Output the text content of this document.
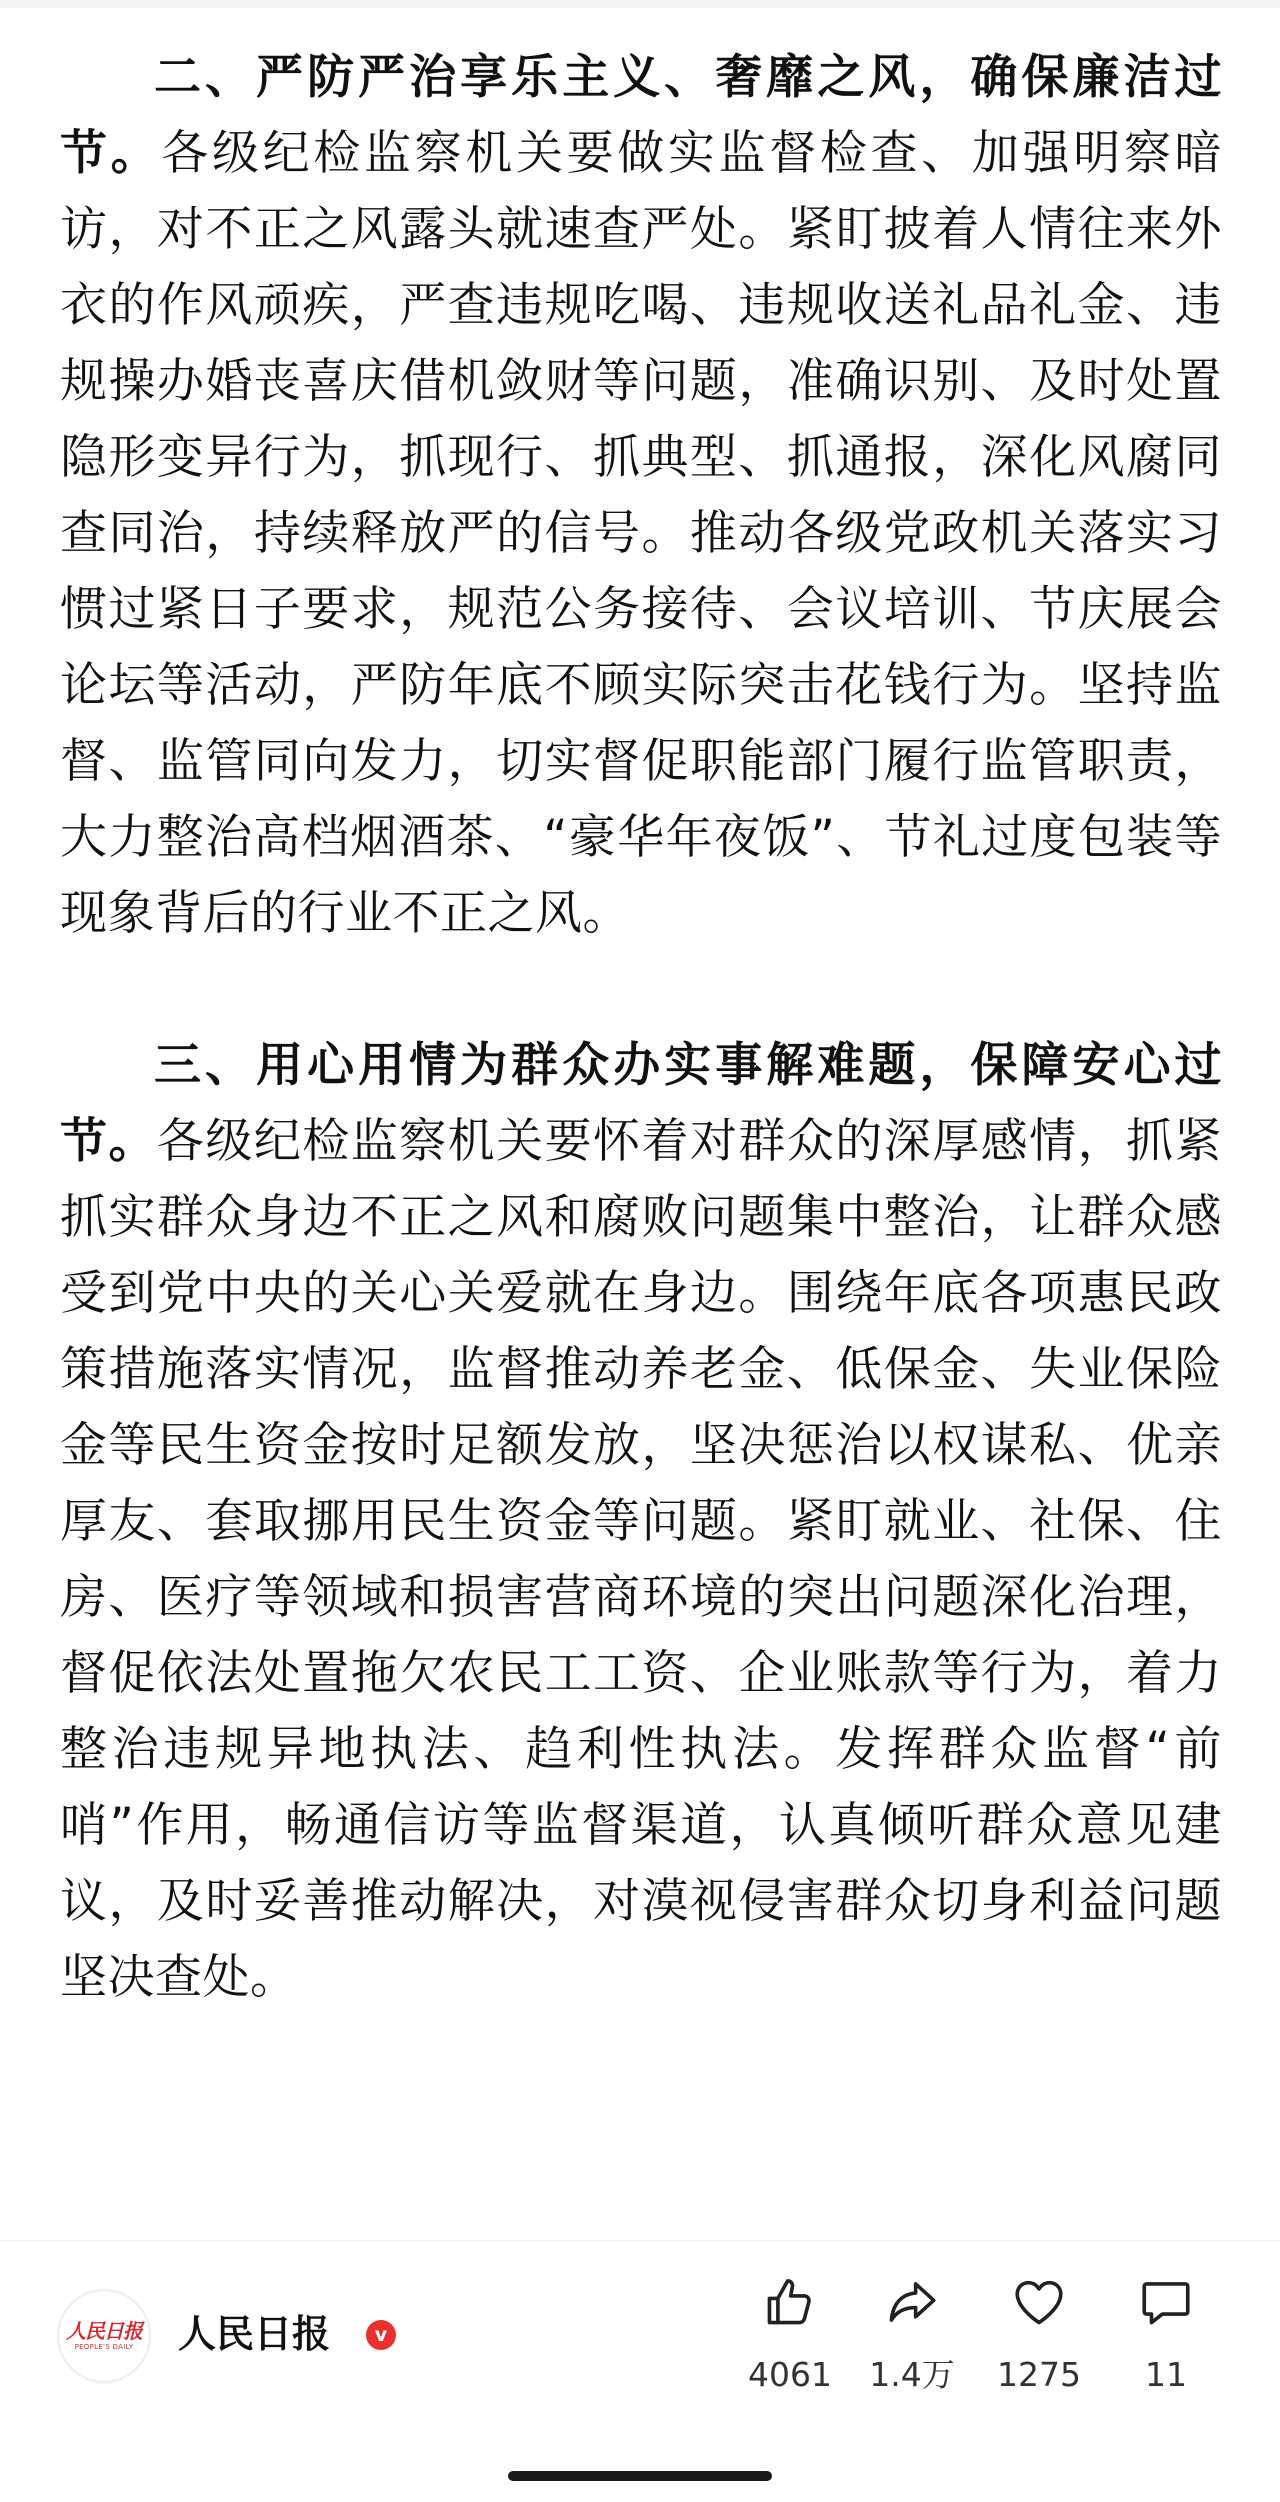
二、严防严治享乐主义、奢靡之风，确保廉洁过节。各级纪检监察机关要做实监督检查、加强明察暗访，对不正之风露头就速查严处。紧盯披着人情往来外衣的作风顽疾，严查违规吃喝、违规收送礼品礼金、违规操办婚丧喜庆借机敛财等问题，准确识别、及时处置隐形变异行为，抓现行、抓典型、抓通报，深化风腐同查同治，持续释放严的信号。推动各级党政机关落实习惯过紧日子要求，规范公务接待、会议培训、节庆展会论坛等活动，严防年底不顾实际突击花钱行为。坚持监督、监管同向发力，切实督促职能部门履行监管职责，大力整治高档烟酒茶、“豪华年夜饭”、节礼过度包装等现象背后的行业不正之风。

三、用心用情为群众办实事解难题，保障安心过节。各级纪检监察机关要怀着对群众的深厚感情，抓紧抓实群众身边不正之风和腐败问题集中整治，让群众感受到党中央的关心关爱就在身边。围绕年底各项惠民政策措施落实情况，监督推动养老金、低保金、失业保险金等民生资金按时足额发放，坚决惩治以权谋私、优亲厚友、套取挪用民生资金等问题。紧盯就业、社保、住房、医疗等领域和损害营商环境的突出问题深化治理，督促依法处置拖欠农民工工资、企业账款等行为，着力整治违规异地执法、趋利性执法。发挥群众监督“前哨”作用，畅通信访等监督渠道，认真倾听群众意见建议，及时妥善推动解决，对漠视侵害群众切身利益问题坚决查处。

人民日报
PEOPLE'S DAILY 人民日报	v
4061	1.4万	1275	11
